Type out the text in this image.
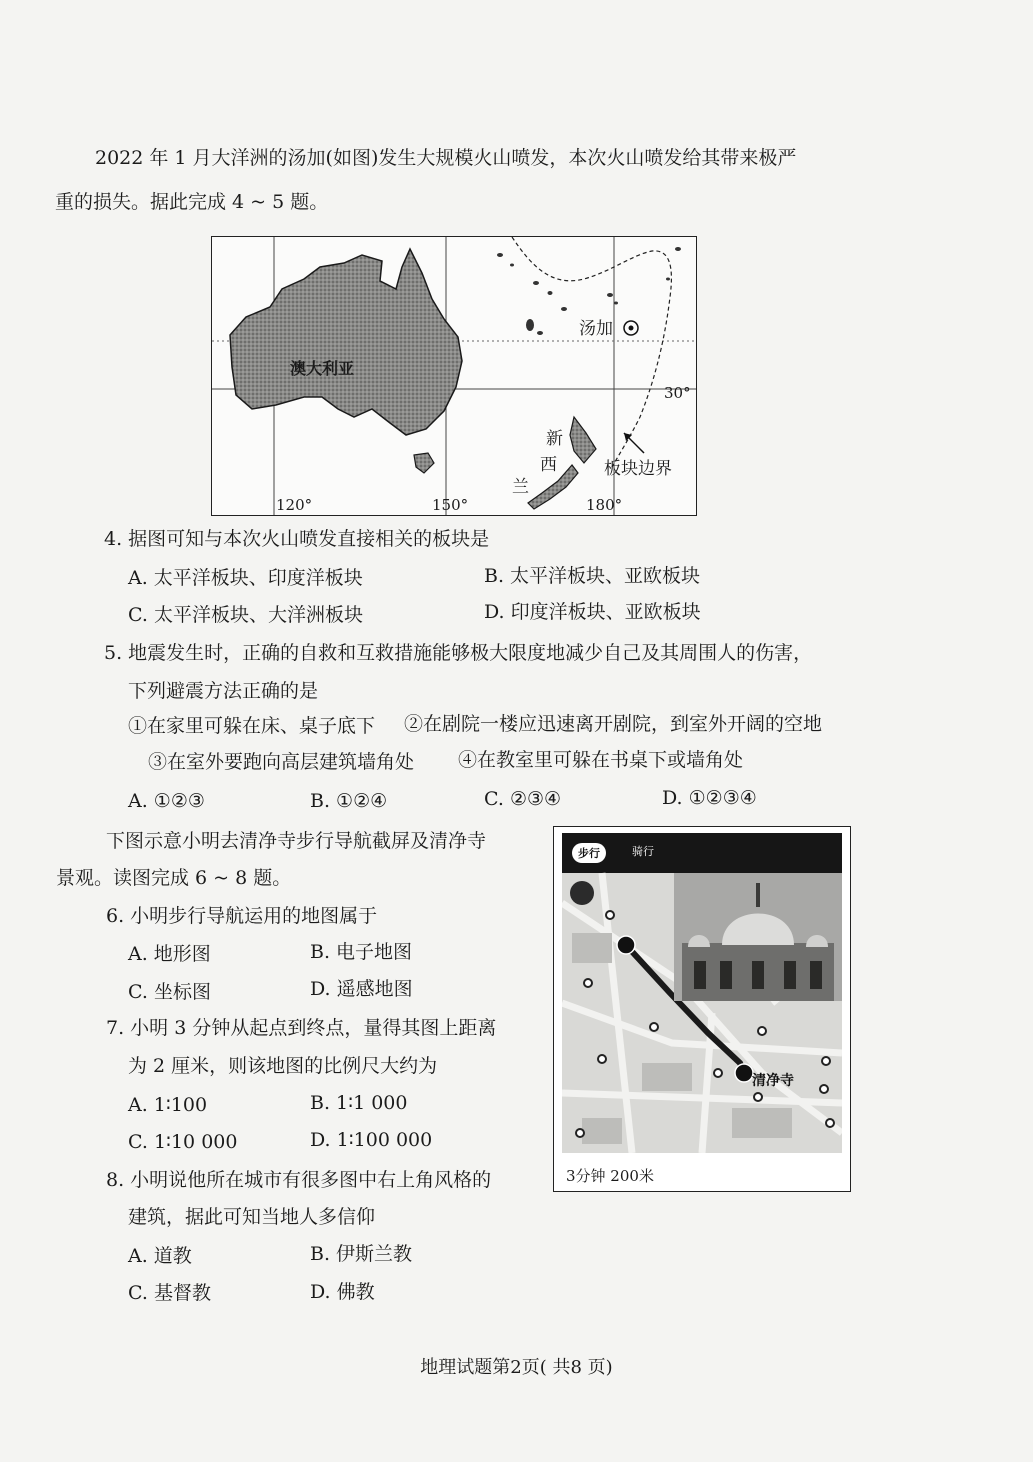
2022 年 1 月大洋洲的汤加(如图)发生大规模火山喷发，本次火山喷发给其带来极严
重的损失。据此完成 4 ~ 5 题。
澳大利亚
汤加
新
西
兰
板块边界
30°
120°	150°	180°
4. 据图可知与本次火山喷发直接相关的板块是
A. 太平洋板块、印度洋板块	B. 太平洋板块、亚欧板块
C. 太平洋板块、大洋洲板块	D. 印度洋板块、亚欧板块
5. 地震发生时，正确的自救和互救措施能够极大限度地减少自己及其周围人的伤害，
下列避震方法正确的是
①在家里可躲在床、桌子底下 ②在剧院一楼应迅速离开剧院，到室外开阔的空地
③在室外要跑向高层建筑墙角处 ④在教室里可躲在书桌下或墙角处
A. ①②③	B. ①②④	C. ②③④	D. ①②③④
下图示意小明去清净寺步行导航截屏及清净寺
景观。读图完成 6 ~ 8 题。
步行	骑行
清净寺
3分钟 200米
6. 小明步行导航运用的地图属于
A. 地形图	B. 电子地图
C. 坐标图	D. 遥感地图
7. 小明 3 分钟从起点到终点，量得其图上距离
为 2 厘米，则该地图的比例尺大约为
A. 1∶100	B. 1∶1 000
C. 1∶10 000	D. 1∶100 000
8. 小明说他所在城市有很多图中右上角风格的
建筑，据此可知当地人多信仰
A. 道教	B. 伊斯兰教
C. 基督教	D. 佛教
地理试题第2页( 共8 页)
